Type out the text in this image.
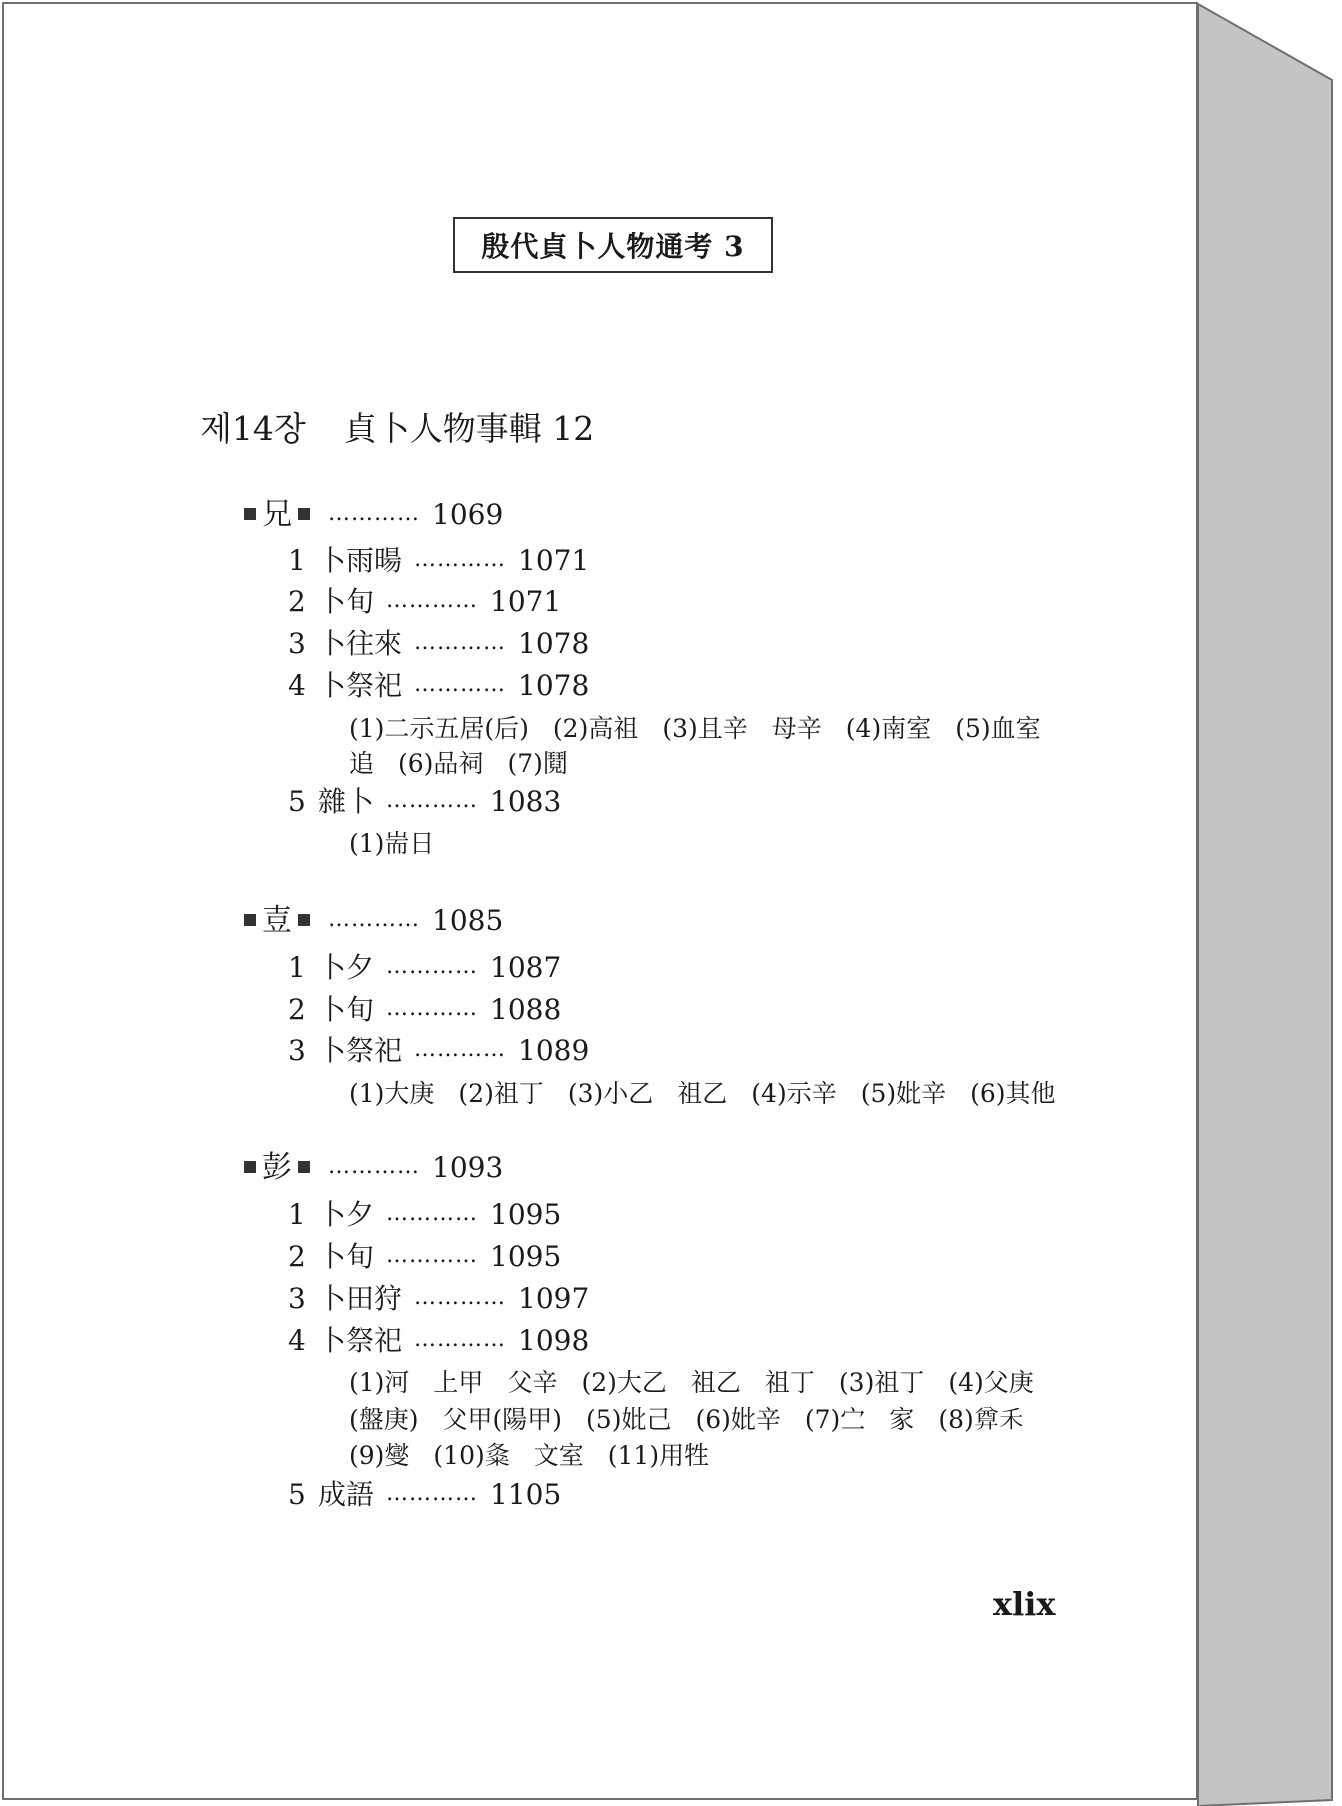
殷代貞卜人物通考 3
제14장 貞卜人物事輯 12
兄 ………… 1069
1 卜雨暘 ………… 1071
2 卜旬 ………… 1071
3 卜往來 ………… 1078
4 卜祭祀 ………… 1078
(1)二示五居(后) (2)高祖 (3)且辛 母辛 (4)南室 (5)血室
追 (6)品祠 (7)鬩
5 雜卜 ………… 1083
(1)耑日
壴 ………… 1085
1 卜夕 ………… 1087
2 卜旬 ………… 1088
3 卜祭祀 ………… 1089
(1)大庚 (2)祖丁 (3)小乙 祖乙 (4)示辛 (5)妣辛 (6)其他
彭 ………… 1093
1 卜夕 ………… 1095
2 卜旬 ………… 1095
3 卜田狩 ………… 1097
4 卜祭祀 ………… 1098
(1)河 上甲 父辛 (2)大乙 祖乙 祖丁 (3)祖丁 (4)父庚
(盤庚) 父甲(陽甲) (5)妣己 (6)妣辛 (7)㝉 家 (8)𢍜禾
(9)燮 (10)𡕝 文室 (11)用牲
5 成語 ………… 1105
xlix
